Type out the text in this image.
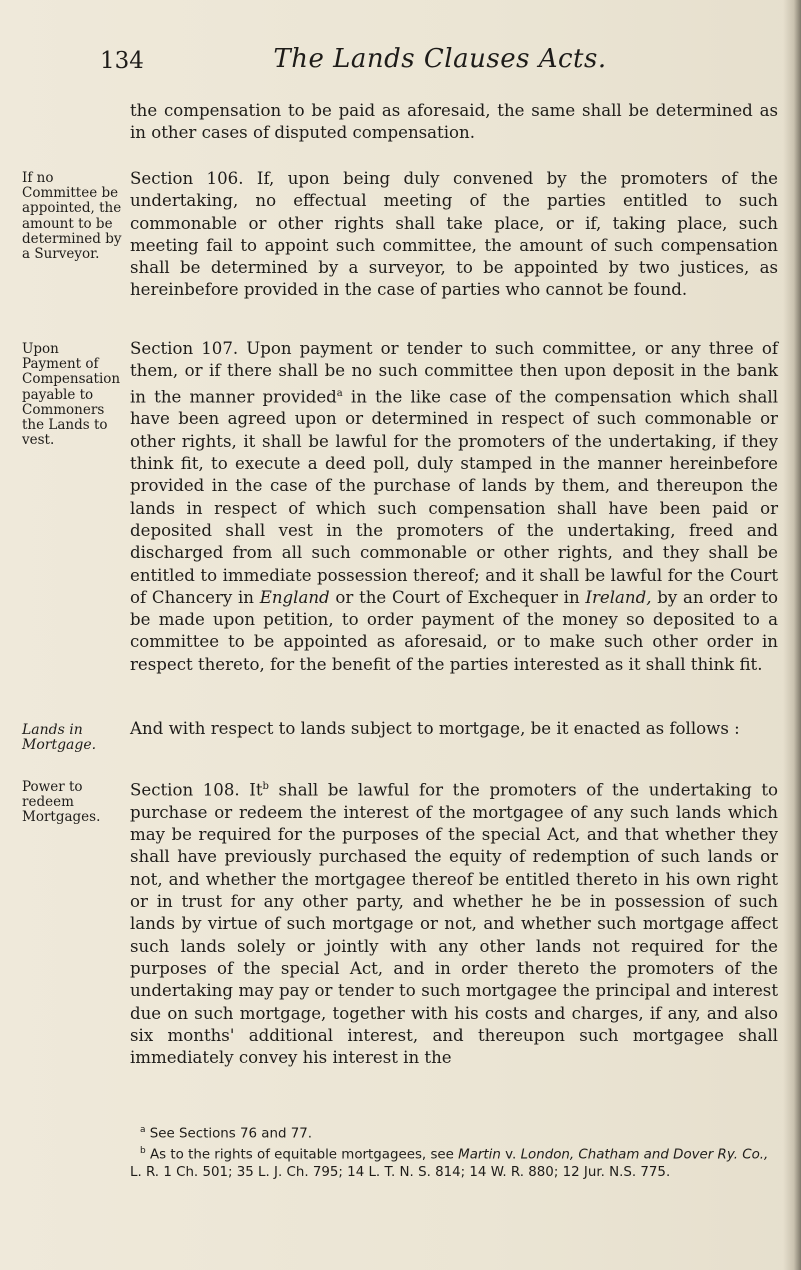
134	The Lands Clauses Acts.
the compensation to be paid as aforesaid, the same shall be determined as in other cases of disputed compensation.
If no Committee be appointed, the amount to be determined by a Surveyor.
Section 106. If, upon being duly convened by the promoters of the undertaking, no effectual meeting of the parties entitled to such commonable or other rights shall take place, or if, taking place, such meeting fail to appoint such committee, the amount of such compensation shall be determined by a surveyor, to be appointed by two justices, as hereinbefore provided in the case of parties who cannot be found.
Upon Payment of Compensation payable to Commoners the Lands to vest.
Section 107. Upon payment or tender to such committee, or any three of them, or if there shall be no such committee then upon deposit in the bank in the manner provided$^a$ in the like case of the compensation which shall have been agreed upon or determined in respect of such commonable or other rights, it shall be lawful for the promoters of the undertaking, if they think fit, to execute a deed poll, duly stamped in the manner hereinbefore provided in the case of the purchase of lands by them, and thereupon the lands in respect of which such compensation shall have been paid or deposited shall vest in the promoters of the undertaking, freed and discharged from all such commonable or other rights, and they shall be entitled to immediate possession thereof; and it shall be lawful for the Court of Chancery in England or the Court of Exchequer in Ireland, by an order to be made upon petition, to order payment of the money so deposited to a committee to be appointed as aforesaid, or to make such other order in respect thereto, for the benefit of the parties interested as it shall think fit.
Lands in Mortgage.
And with respect to lands subject to mortgage, be it enacted as follows :
Power to redeem Mortgages.
Section 108. It$^b$ shall be lawful for the promoters of the undertaking to purchase or redeem the interest of the mortgagee of any such lands which may be required for the purposes of the special Act, and that whether they shall have previously purchased the equity of redemption of such lands or not, and whether the mortgagee thereof be entitled thereto in his own right or in trust for any other party, and whether he be in possession of such lands by virtue of such mortgage or not, and whether such mortgage affect such lands solely or jointly with any other lands not required for the purposes of the special Act, and in order thereto the promoters of the undertaking may pay or tender to such mortgagee the principal and interest due on such mortgage, together with his costs and charges, if any, and also six months' additional interest, and thereupon such mortgagee shall immediately convey his interest in the
$^a$ See Sections 76 and 77.
$^b$ As to the rights of equitable mortgagees, see Martin v. London, Chatham and Dover Ry. Co., L. R. 1 Ch. 501; 35 L. J. Ch. 795; 14 L. T. N. S. 814; 14 W. R. 880; 12 Jur. N.S. 775.
